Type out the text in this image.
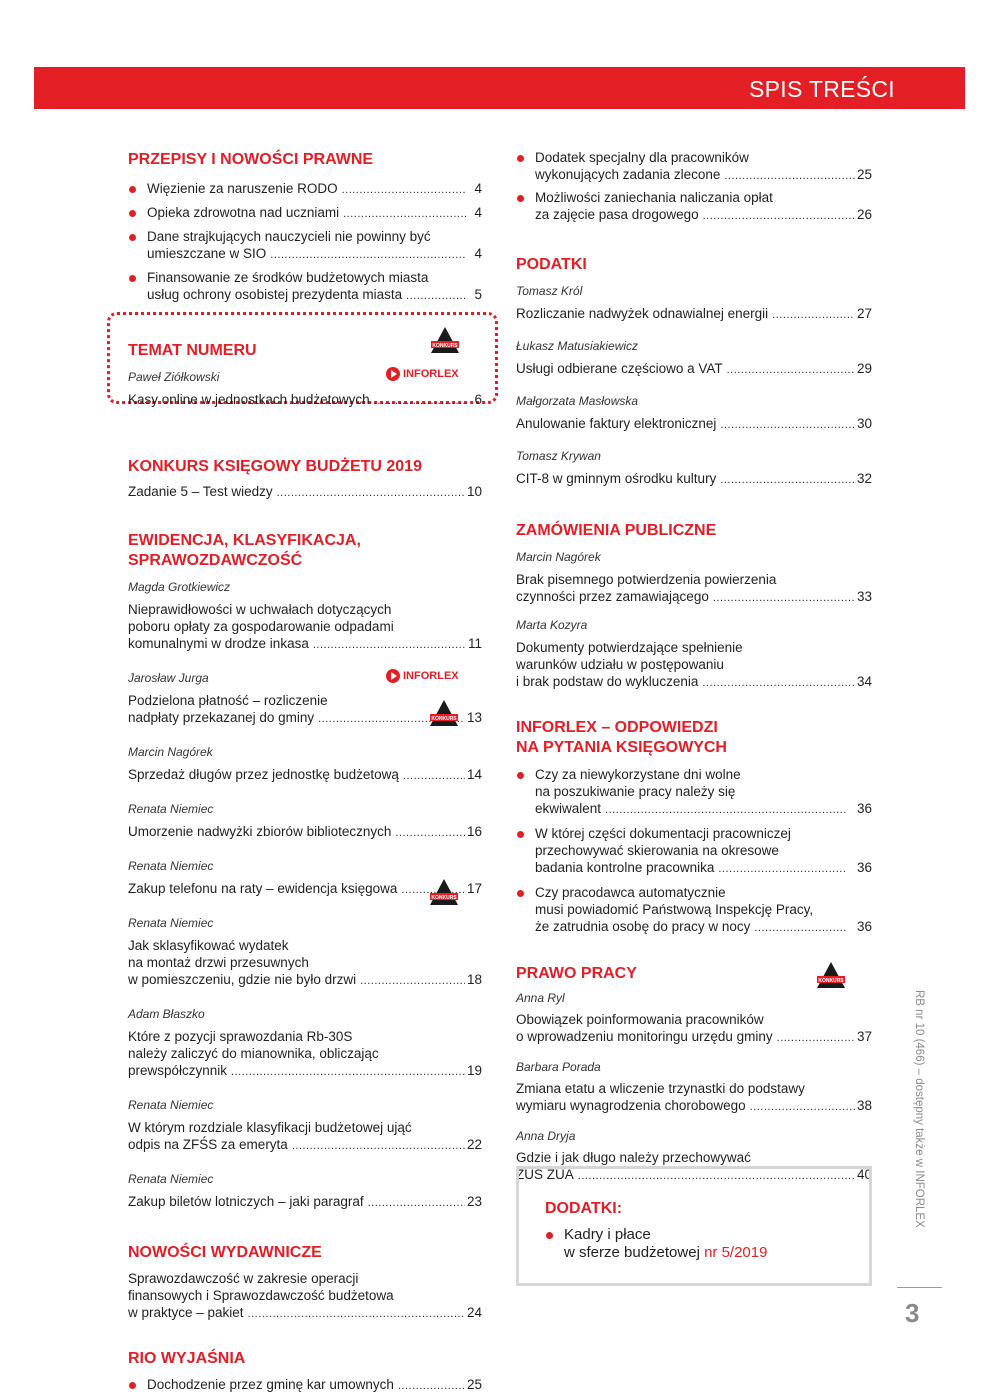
SPIS TREŚCI
PRZEPISY I NOWOŚCI PRAWNE
Więzienie za naruszenie RODO .....	4
Opieka zdrowotna nad uczniami .....	4
Dane strajkujących nauczycieli nie powinny być
umieszczane w SIO .....	4
Finansowanie ze środków budżetowych miasta
usług ochrony osobistej prezydenta miasta .....	5
TEMAT NUMERU
Paweł Ziółkowski
Kasy online w jednostkach budżetowych .....	6
KONKURS KSIĘGOWY BUDŻETU 2019
Zadanie 5 – Test wiedzy .....	10
EWIDENCJA, KLASYFIKACJA,
SPRAWOZDAWCZOŚĆ
Magda Grotkiewicz
Nieprawidłowości w uchwałach dotyczących
poboru opłaty za gospodarowanie odpadami
komunalnymi w drodze inkasa .....	11
Jarosław Jurga
Podzielona płatność – rozliczenie
nadpłaty przekazanej do gminy .....	13
Marcin Nagórek
Sprzedaż długów przez jednostkę budżetową .....	14
Renata Niemiec
Umorzenie nadwyżki zbiorów bibliotecznych .....	16
Renata Niemiec
Zakup telefonu na raty – ewidencja księgowa .....	17
Renata Niemiec
Jak sklasyfikować wydatek
na montaż drzwi przesuwnych
w pomieszczeniu, gdzie nie było drzwi .....	18
Adam Błaszko
Które z pozycji sprawozdania Rb-30S
należy zaliczyć do mianownika, obliczając
prewspółczynnik .....	19
Renata Niemiec
W którym rozdziale klasyfikacji budżetowej ująć
odpis na ZFŚS za emeryta .....	22
Renata Niemiec
Zakup biletów lotniczych – jaki paragraf .....	23
NOWOŚCI WYDAWNICZE
Sprawozdawczość w zakresie operacji
finansowych i Sprawozdawczość budżetowa
w praktyce – pakiet .....	24
RIO WYJAŚNIA
Dochodzenie przez gminę kar umownych .....	25
Dodatek specjalny dla pracowników
wykonujących zadania zlecone .....	25
Możliwości zaniechania naliczania opłat
za zajęcie pasa drogowego .....	26
PODATKI
Tomasz Król
Rozliczanie nadwyżek odnawialnej energii .....	27
Łukasz Matusiakiewicz
Usługi odbierane częściowo a VAT .....	29
Małgorzata Masłowska
Anulowanie faktury elektronicznej .....	30
Tomasz Krywan
CIT-8 w gminnym ośrodku kultury .....	32
ZAMÓWIENIA PUBLICZNE
Marcin Nagórek
Brak pisemnego potwierdzenia powierzenia
czynności przez zamawiającego .....	33
Marta Kozyra
Dokumenty potwierdzające spełnienie
warunków udziału w postępowaniu
i brak podstaw do wykluczenia .....	34
INFORLEX – ODPOWIEDZI
NA PYTANIA KSIĘGOWYCH
Czy za niewykorzystane dni wolne
na poszukiwanie pracy należy się
ekwiwalent .....	36
W której części dokumentacji pracowniczej
przechowywać skierowania na okresowe
badania kontrolne pracownika .....	36
Czy pracodawca automatycznie
musi powiadomić Państwową Inspekcję Pracy,
że zatrudnia osobę do pracy w nocy .....	36
PRAWO PRACY
Anna Ryl
Obowiązek poinformowania pracowników
o wprowadzeniu monitoringu urzędu gminy .....	37
Barbara Porada
Zmiana etatu a wliczenie trzynastki do podstawy
wymiaru wynagrodzenia chorobowego .....	38
Anna Dryja
Gdzie i jak długo należy przechowywać
ZUS ZUA .....	40
KONKURS
INFORLEX
INFORLEX
KONKURS
KONKURS
KONKURS
DODATKI:
Kadry i płace
w sferze budżetowej nr 5/2019
RB nr 10 (466) – dostępny także w INFORLEX
3
